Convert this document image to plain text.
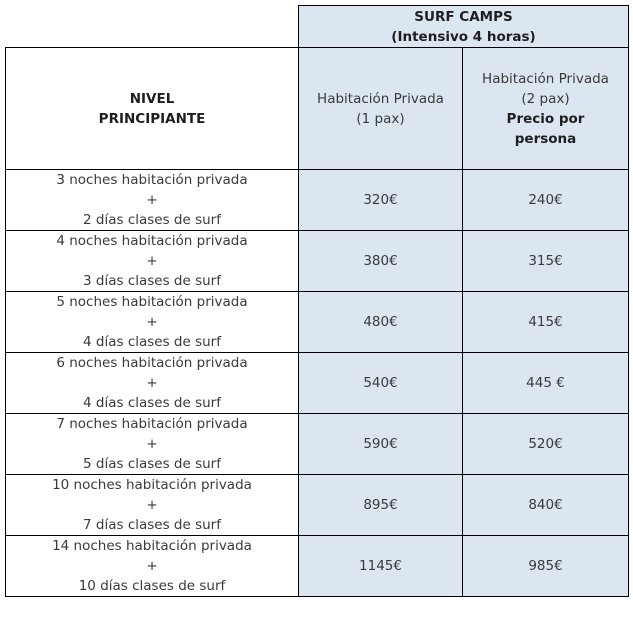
	SURF CAMPS
(Intensivo 4 horas)	

NIVEL
PRINCIPIANTE

Habitación Privada
(1 pax)

Habitación Privada
(2 pax)
Precio por
persona

3 noches habitación privada
+
2 días clases de surf	320€	240€

4 noches habitación privada
+
3 días clases de surf	380€	315€

5 noches habitación privada
+
4 días clases de surf	480€	415€

6 noches habitación privada
+
4 días clases de surf	540€	445 €

7 noches habitación privada
+
5 días clases de surf	590€	520€

10 noches habitación privada
+
7 días clases de surf	895€	840€

14 noches habitación privada
+
10 días clases de surf	1145€	985€
